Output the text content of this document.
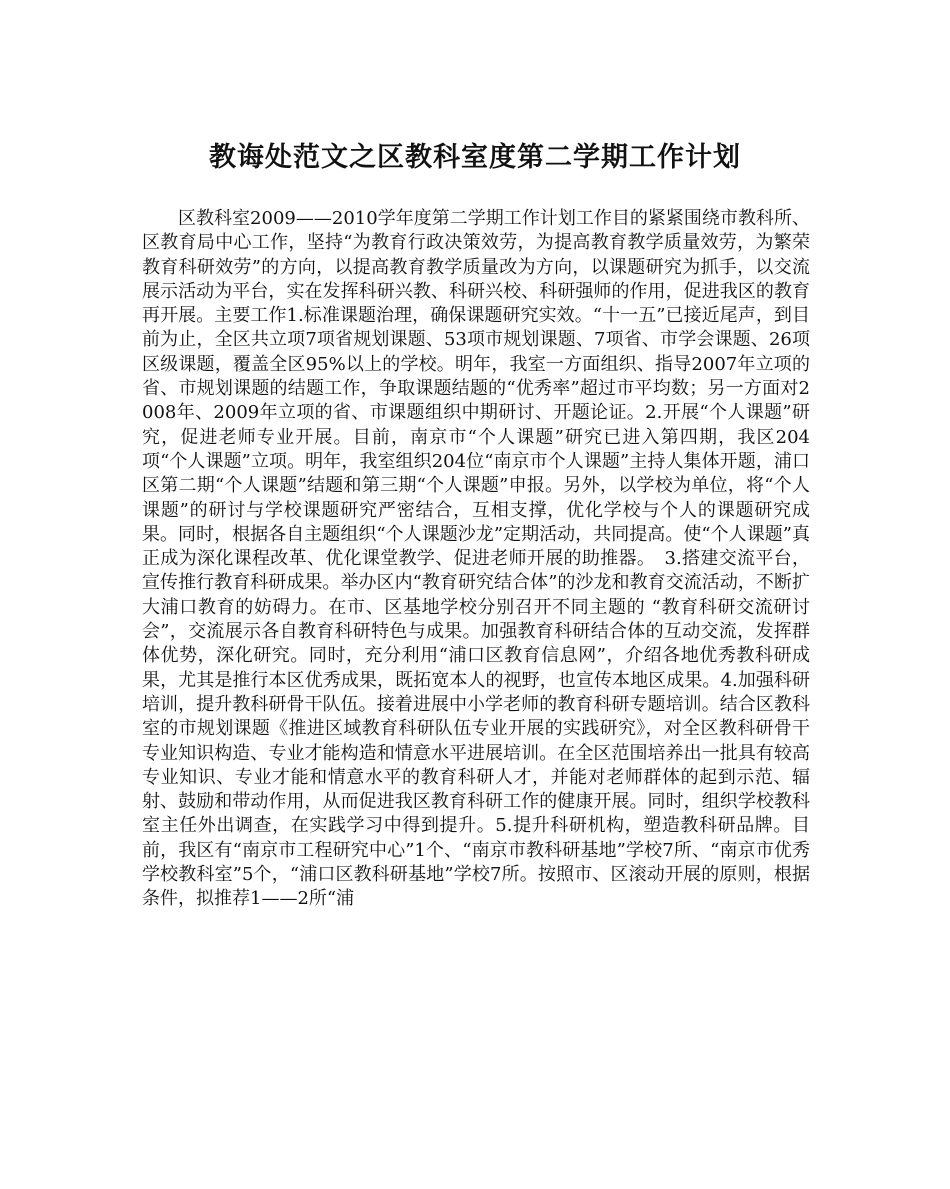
教诲处范文之区教科室度第二学期工作计划

区教科室2009——2010学年度第二学期工作计划工作目的紧紧围绕市教科所、区教育局中心工作，坚持“为教育行政决策效劳，为提高教育教学质量效劳，为繁荣教育科研效劳”的方向，以提高教育教学质量改为方向，以课题研究为抓手，以交流展示活动为平台，实在发挥科研兴教、科研兴校、科研强师的作用，促进我区的教育再开展。主要工作1.标准课题治理，确保课题研究实效。“十一五”已接近尾声，到目前为止，全区共立项7项省规划课题、53项市规划课题、7项省、市学会课题、26项区级课题，覆盖全区95%以上的学校。明年，我室一方面组织、指导2007年立项的省、市规划课题的结题工作，争取课题结题的“优秀率”超过市平均数；另一方面对2008年、2009年立项的省、市课题组织中期研讨、开题论证。2.开展“个人课题”研究，促进老师专业开展。目前，南京市“个人课题”研究已进入第四期，我区204项“个人课题”立项。明年，我室组织204位“南京市个人课题”主持人集体开题，浦口区第二期“个人课题”结题和第三期“个人课题”申报。另外，以学校为单位，将“个人课题”的研讨与学校课题研究严密结合，互相支撑，优化学校与个人的课题研究成果。同时，根据各自主题组织“个人课题沙龙”定期活动，共同提高。使“个人课题”真正成为深化课程改革、优化课堂教学、促进老师开展的助推器。　3.搭建交流平台，宣传推行教育科研成果。举办区内“教育研究结合体”的沙龙和教育交流活动，不断扩大浦口教育的妨碍力。在市、区基地学校分别召开不同主题的 “教育科研交流研讨会”，交流展示各自教育科研特色与成果。加强教育科研结合体的互动交流，发挥群体优势，深化研究。同时，充分利用“浦口区教育信息网”，介绍各地优秀教科研成果，尤其是推行本区优秀成果，既拓宽本人的视野，也宣传本地区成果。4.加强科研培训，提升教科研骨干队伍。接着进展中小学老师的教育科研专题培训。结合区教科室的市规划课题《推进区域教育科研队伍专业开展的实践研究》，对全区教科研骨干专业知识构造、专业才能构造和情意水平进展培训。在全区范围培养出一批具有较高专业知识、专业才能和情意水平的教育科研人才，并能对老师群体的起到示范、辐射、鼓励和带动作用，从而促进我区教育科研工作的健康开展。同时，组织学校教科室主任外出调查，在实践学习中得到提升。5.提升科研机构，塑造教科研品牌。目前，我区有“南京市工程研究中心”1个、“南京市教科研基地”学校7所、“南京市优秀学校教科室”5个，“浦口区教科研基地”学校7所。按照市、区滚动开展的原则，根据条件，拟推荐1——2所“浦
